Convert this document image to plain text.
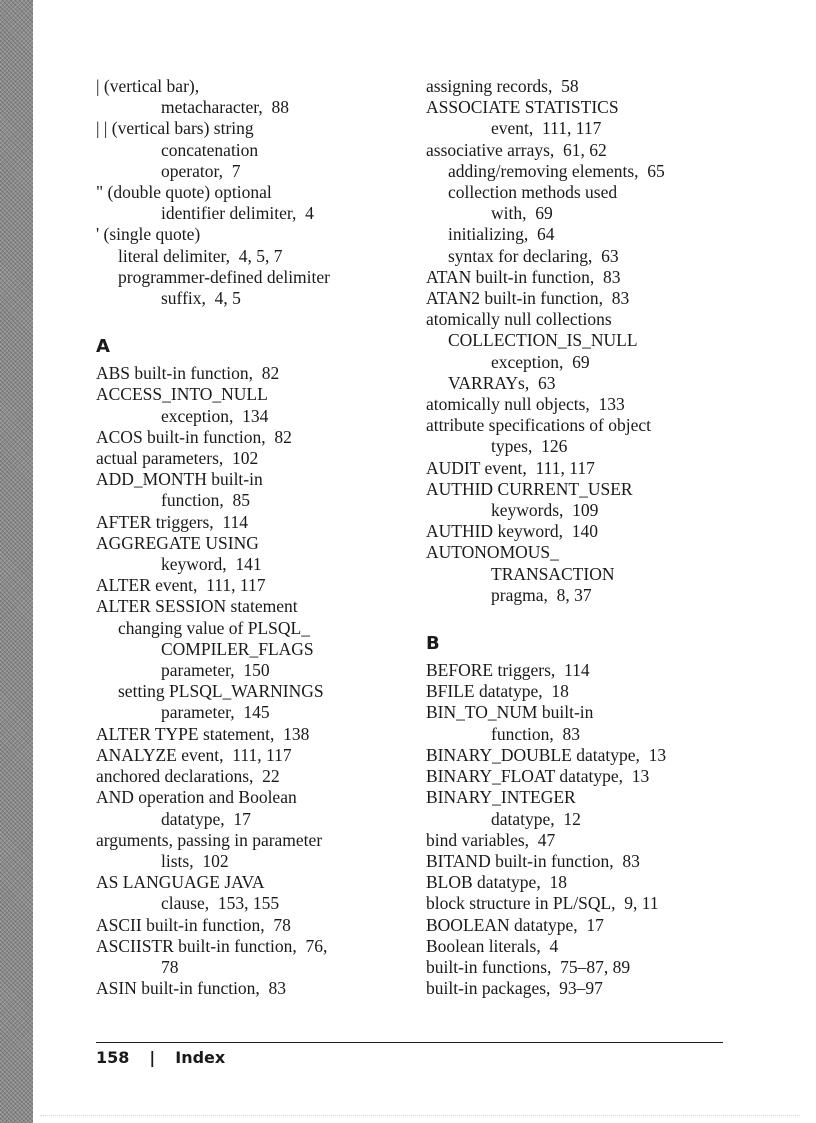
| (vertical bar),
metacharacter,  88

| | (vertical bars) string
concatenation
operator,  7

" (double quote) optional
identifier delimiter,  4

' (single quote)

literal delimiter,  4, 5, 7

programmer-defined delimiter
suffix,  4, 5

A

ABS built-in function,  82

ACCESS_INTO_NULL
exception,  134

ACOS built-in function,  82

actual parameters,  102

ADD_MONTH built-in
function,  85

AFTER triggers,  114

AGGREGATE USING
keyword,  141

ALTER event,  111, 117

ALTER SESSION statement

changing value of PLSQL_
COMPILER_FLAGS
parameter,  150

setting PLSQL_WARNINGS
parameter,  145

ALTER TYPE statement,  138

ANALYZE event,  111, 117

anchored declarations,  22

AND operation and Boolean
datatype,  17

arguments, passing in parameter
lists,  102

AS LANGUAGE JAVA
clause,  153, 155

ASCII built-in function,  78

ASCIISTR built-in function,  76,
78

ASIN built-in function,  83

assigning records,  58

ASSOCIATE STATISTICS
event,  111, 117

associative arrays,  61, 62

adding/removing elements,  65

collection methods used
with,  69

initializing,  64

syntax for declaring,  63

ATAN built-in function,  83

ATAN2 built-in function,  83

atomically null collections

COLLECTION_IS_NULL
exception,  69

VARRAYs,  63

atomically null objects,  133

attribute specifications of object
types,  126

AUDIT event,  111, 117

AUTHID CURRENT_USER
keywords,  109

AUTHID keyword,  140

AUTONOMOUS_
TRANSACTION
pragma,  8, 37

B

BEFORE triggers,  114

BFILE datatype,  18

BIN_TO_NUM built-in
function,  83

BINARY_DOUBLE datatype,  13

BINARY_FLOAT datatype,  13

BINARY_INTEGER
datatype,  12

bind variables,  47

BITAND built-in function,  83

BLOB datatype,  18

block structure in PL/SQL,  9, 11

BOOLEAN datatype,  17

Boolean literals,  4

built-in functions,  75–87, 89

built-in packages,  93–97

158 | Index
